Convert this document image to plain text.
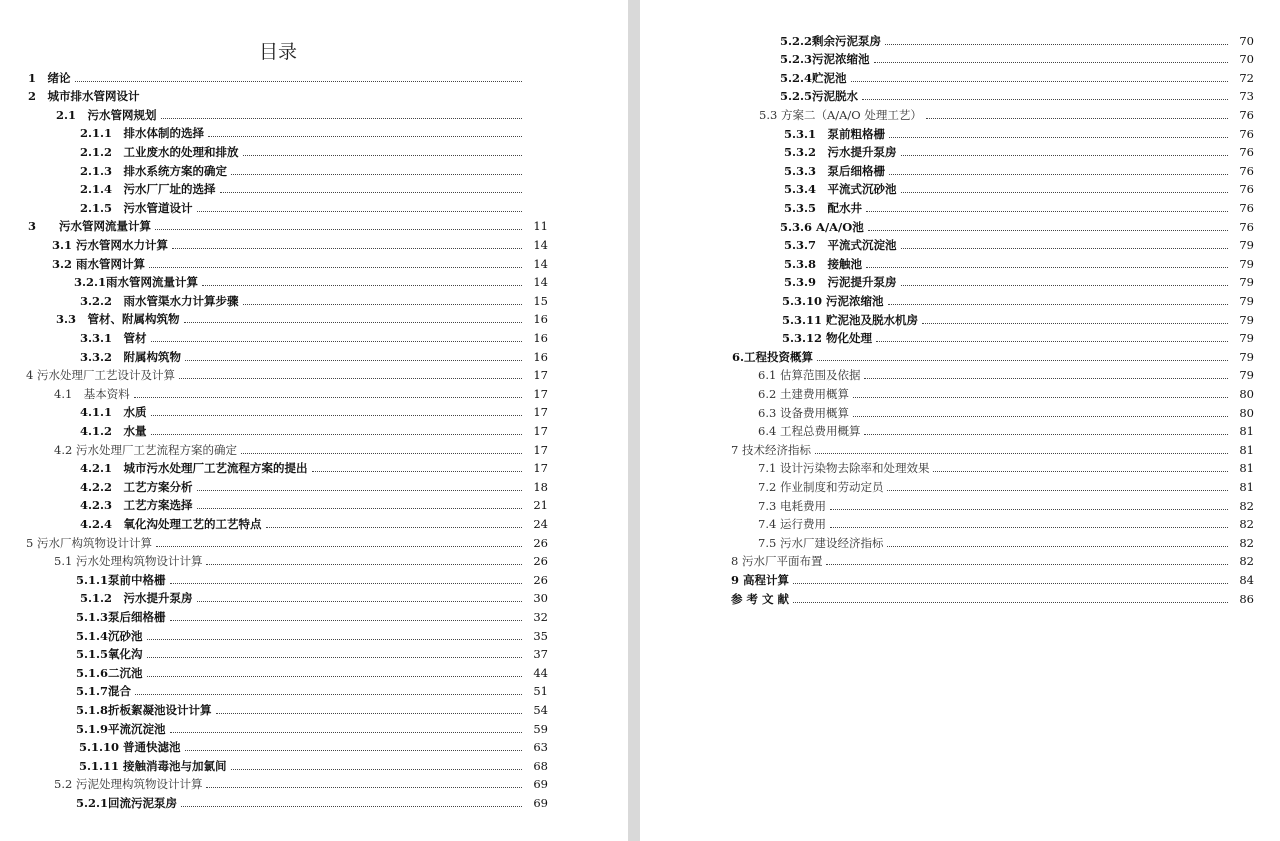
目录
1　绪论
2　城市排水管网设计
2.1　污水管网规划
2.1.1　排水体制的选择
2.1.2　工业废水的处理和排放
2.1.3　排水系统方案的确定
2.1.4　污水厂厂址的选择
2.1.5　污水管道设计
3　　污水管网流量计算	11
3.1 污水管网水力计算	14
3.2 雨水管网计算	14
3.2.1雨水管网流量计算	14
3.2.2　雨水管渠水力计算步骤	15
3.3　管材、附属构筑物	16
3.3.1　管材	16
3.3.2　附属构筑物	16
4 污水处理厂工艺设计及计算	17
4.1　基本资料	17
4.1.1　水质	17
4.1.2　水量	17
4.2 污水处理厂工艺流程方案的确定	17
4.2.1　城市污水处理厂工艺流程方案的提出	17
4.2.2　工艺方案分析	18
4.2.3　工艺方案选择	21
4.2.4　氧化沟处理工艺的工艺特点	24
5 污水厂构筑物设计计算	26
5.1 污水处理构筑物设计计算	26
5.1.1泵前中格栅	26
5.1.2　污水提升泵房	30
5.1.3泵后细格栅	32
5.1.4沉砂池	35
5.1.5氧化沟	37
5.1.6二沉池	44
5.1.7混合	51
5.1.8折板絮凝池设计计算	54
5.1.9平流沉淀池	59
5.1.10 普通快滤池	63
5.1.11 接触消毒池与加氯间	68
5.2 污泥处理构筑物设计计算	69
5.2.1回流污泥泵房	69
5.2.2剩余污泥泵房	70
5.2.3污泥浓缩池	70
5.2.4贮泥池	72
5.2.5污泥脱水	73
5.3 方案二（A/A/O 处理工艺）	76
5.3.1　泵前粗格栅	76
5.3.2　污水提升泵房	76
5.3.3　泵后细格栅	76
5.3.4　平流式沉砂池	76
5.3.5　配水井	76
5.3.6 A/A/O池	76
5.3.7　平流式沉淀池	79
5.3.8　接触池	79
5.3.9　污泥提升泵房	79
5.3.10 污泥浓缩池	79
5.3.11 贮泥池及脱水机房	79
5.3.12 物化处理	79
6.工程投资概算	79
6.1 估算范围及依据	79
6.2 土建费用概算	80
6.3 设备费用概算	80
6.4 工程总费用概算	81
7 技术经济指标	81
7.1 设计污染物去除率和处理效果	81
7.2 作业制度和劳动定员	81
7.3 电耗费用	82
7.4 运行费用	82
7.5 污水厂建设经济指标	82
8 污水厂平面布置	82
9 高程计算	84
参 考 文 献	86
